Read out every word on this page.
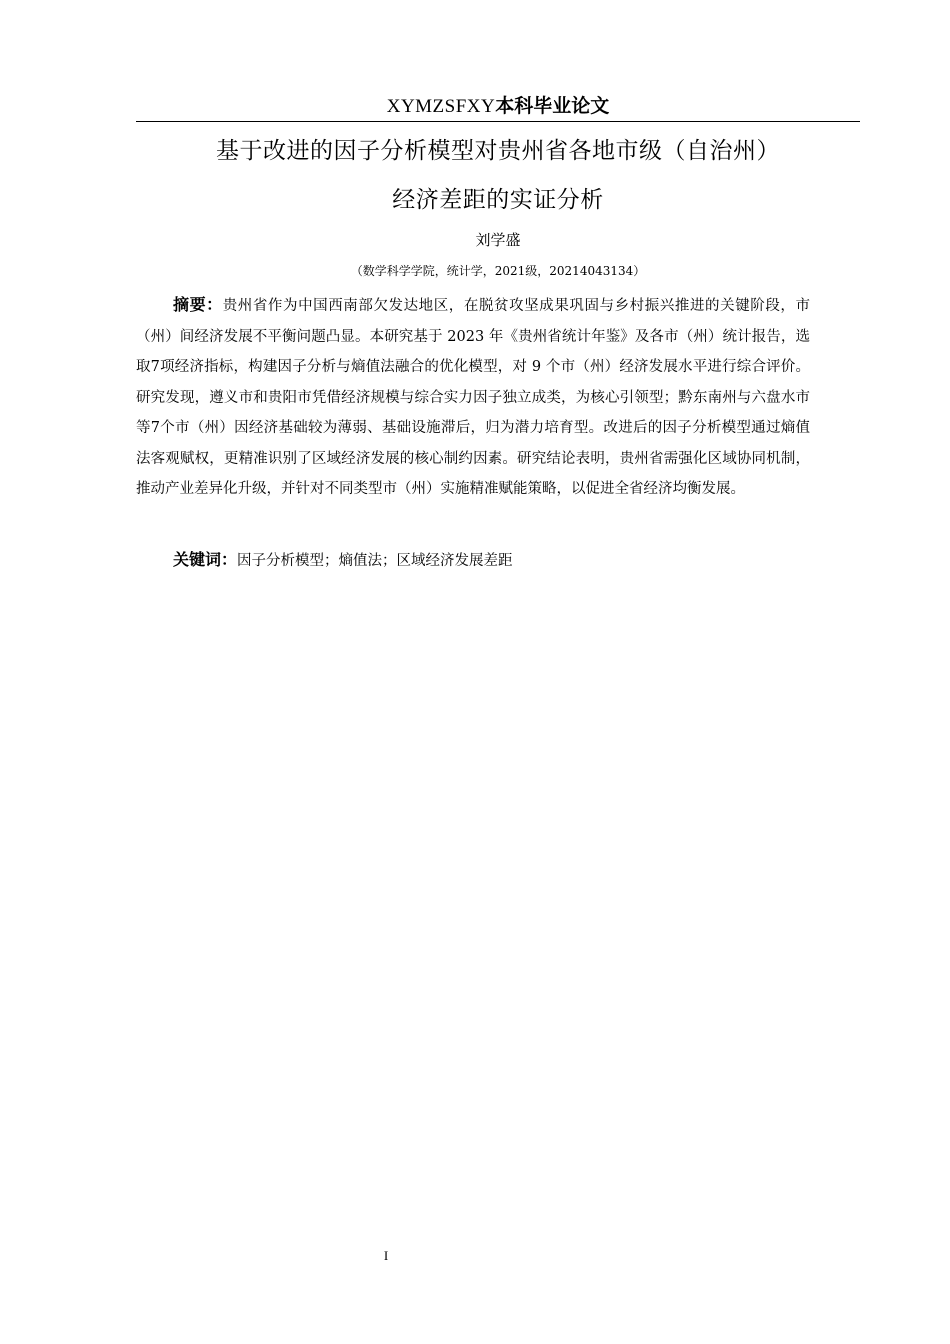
XYMZSFXY本科毕业论文
基于改进的因子分析模型对贵州省各地市级（自治州）
经济差距的实证分析
刘学盛
（数学科学学院，统计学，2021级，20214043134）

摘要：贵州省作为中国西南部欠发达地区，在脱贫攻坚成果巩固与乡村振兴推进的关键阶段，市（州）间经济发展不平衡问题凸显。本研究基于 2023 年《贵州省统计年鉴》及各市（州）统计报告，选取7项经济指标，构建因子分析与熵值法融合的优化模型，对 9 个市（州）经济发展水平进行综合评价。研究发现，遵义市和贵阳市凭借经济规模与综合实力因子独立成类，为核心引领型；黔东南州与六盘水市等7个市（州）因经济基础较为薄弱、基础设施滞后，归为潜力培育型。改进后的因子分析模型通过熵值法客观赋权，更精准识别了区域经济发展的核心制约因素。研究结论表明，贵州省需强化区域协同机制，推动产业差异化升级，并针对不同类型市（州）实施精准赋能策略，以促进全省经济均衡发展。

关键词：因子分析模型；熵值法；区域经济发展差距

I
